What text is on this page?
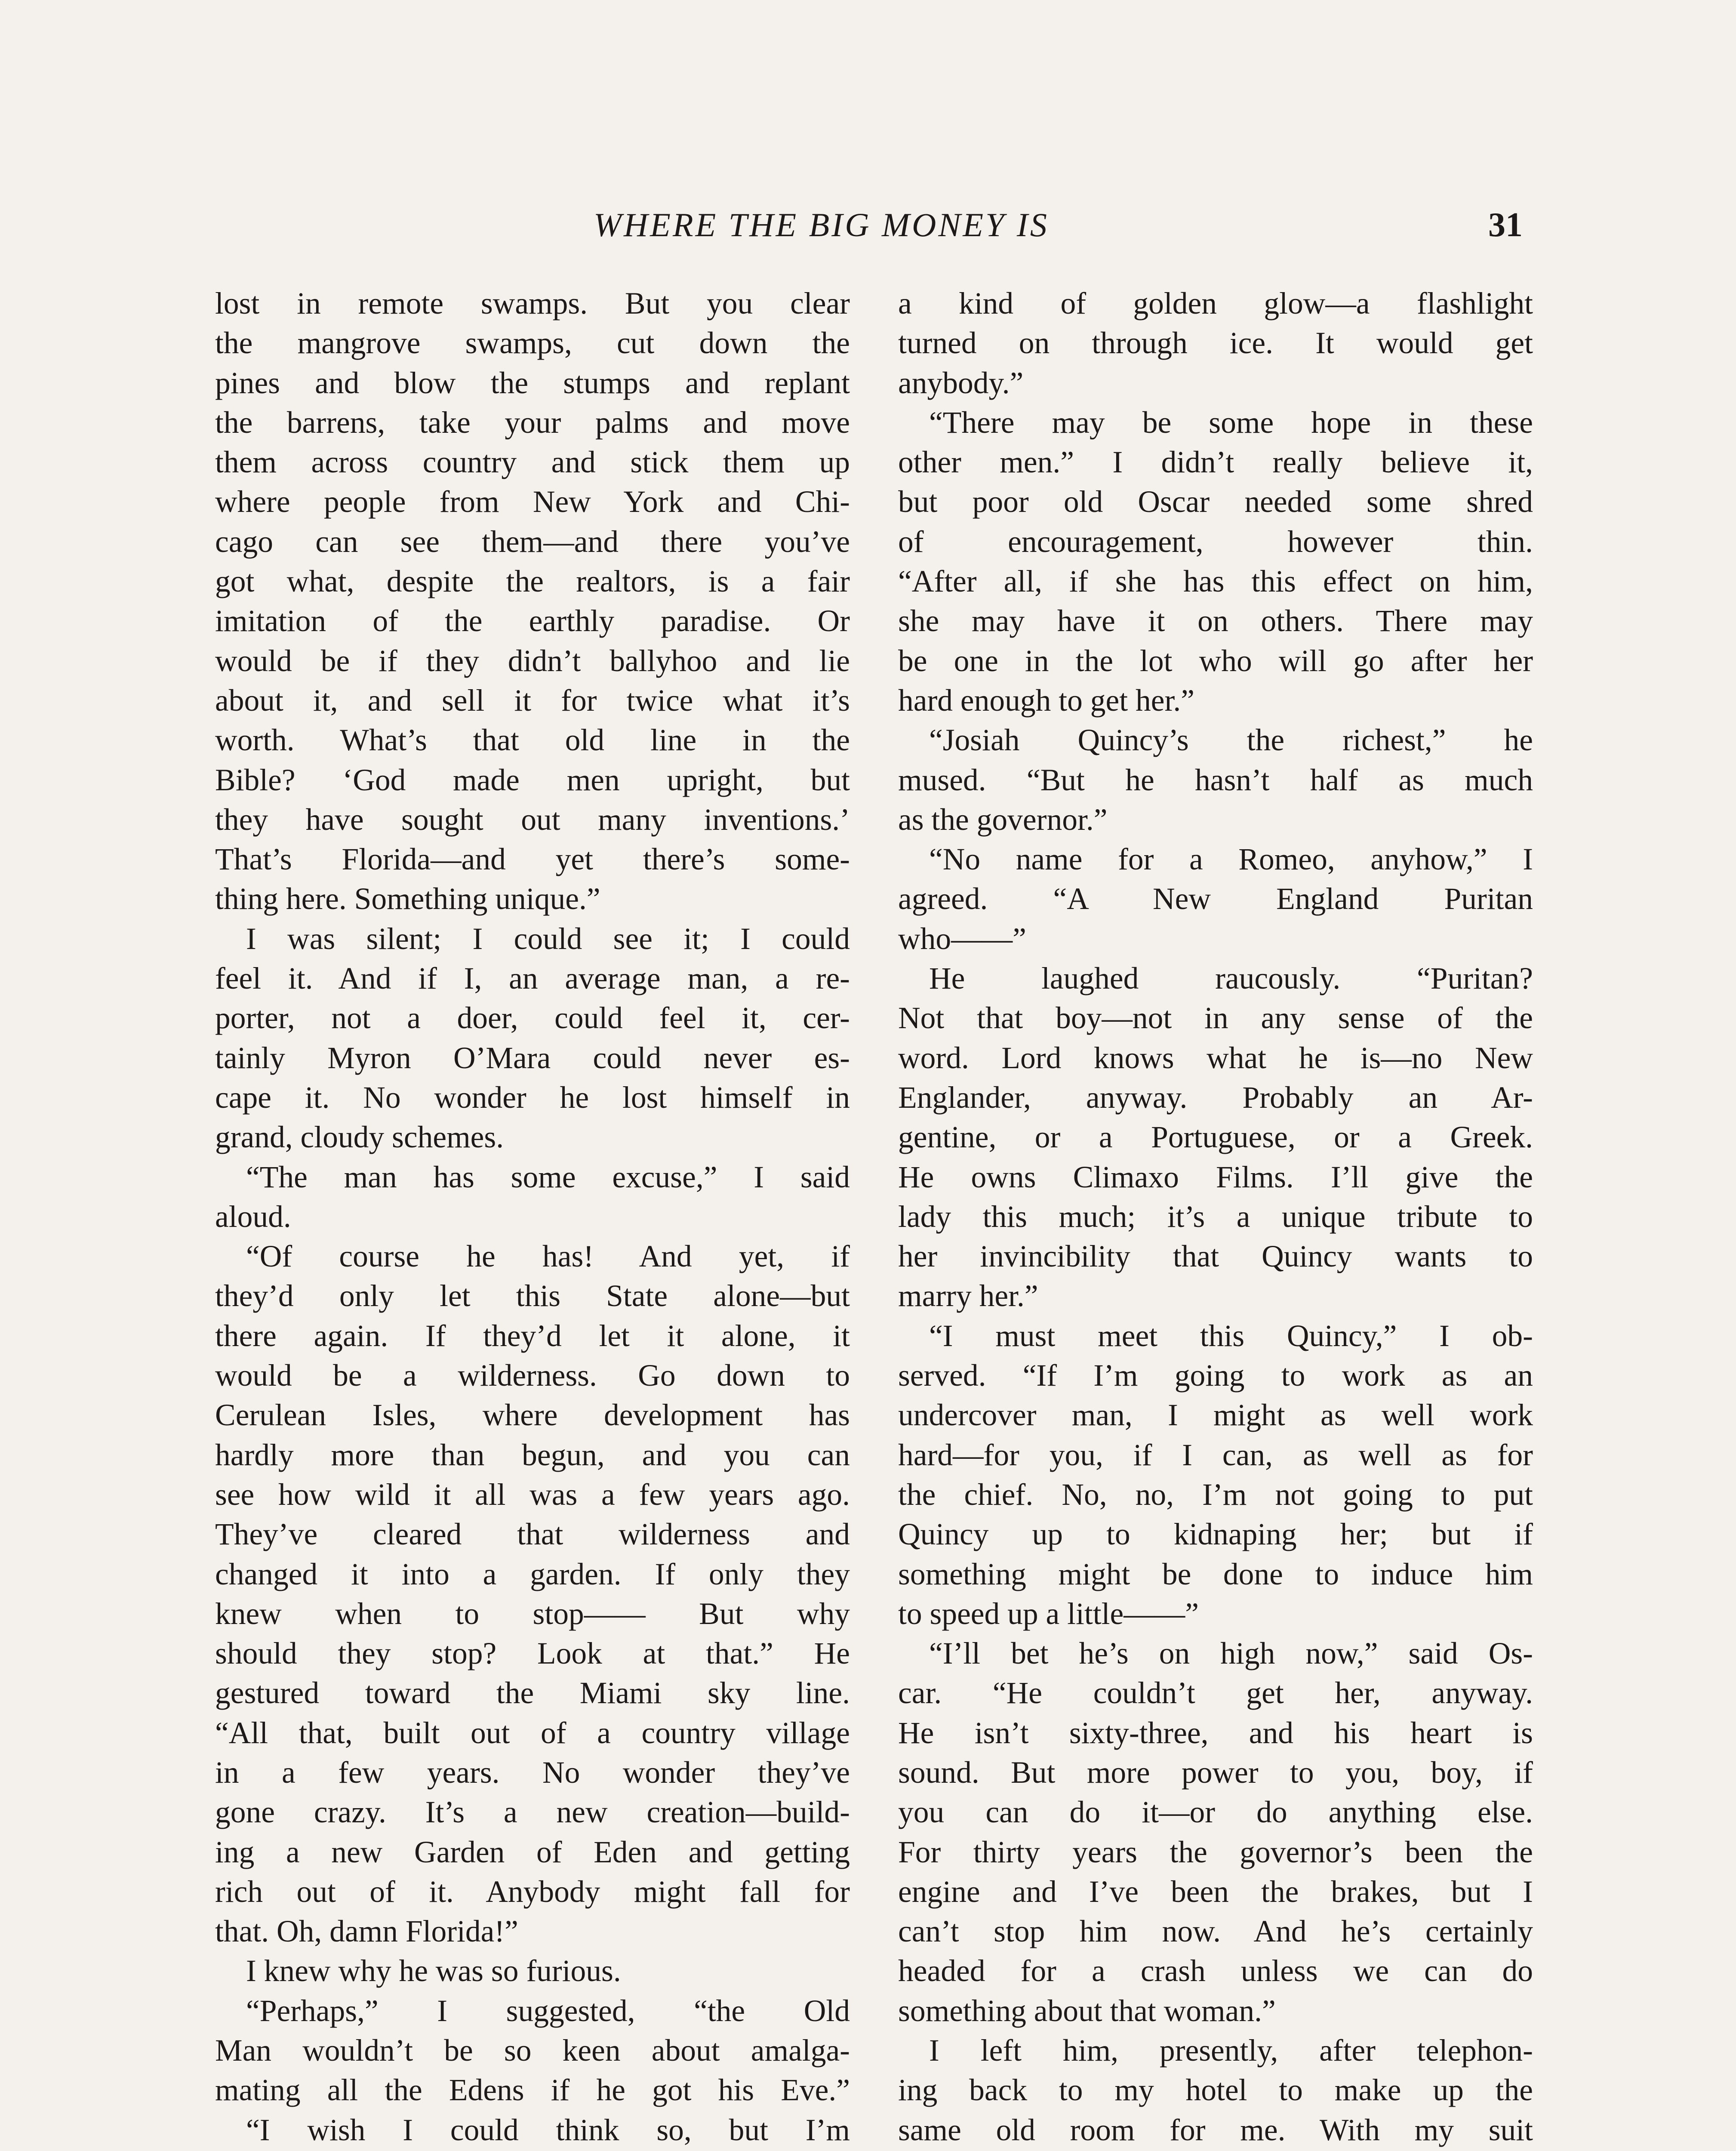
WHERE THE BIG MONEY IS	31
lost in remote swamps. But you clear
the mangrove swamps, cut down the
pines and blow the stumps and replant
the barrens, take your palms and move
them across country and stick them up
where people from New York and Chi-
cago can see them—and there you’ve
got what, despite the realtors, is a fair
imitation of the earthly paradise. Or
would be if they didn’t ballyhoo and lie
about it, and sell it for twice what it’s
worth. What’s that old line in the
Bible? ‘God made men upright, but
they have sought out many inventions.’
That’s Florida—and yet there’s some-
thing here. Something unique.”
I was silent; I could see it; I could
feel it. And if I, an average man, a re-
porter, not a doer, could feel it, cer-
tainly Myron O’Mara could never es-
cape it. No wonder he lost himself in
grand, cloudy schemes.
“The man has some excuse,” I said
aloud.
“Of course he has! And yet, if
they’d only let this State alone—but
there again. If they’d let it alone, it
would be a wilderness. Go down to
Cerulean Isles, where development has
hardly more than begun, and you can
see how wild it all was a few years ago.
They’ve cleared that wilderness and
changed it into a garden. If only they
knew when to stop—— But why
should they stop? Look at that.” He
gestured toward the Miami sky line.
“All that, built out of a country village
in a few years. No wonder they’ve
gone crazy. It’s a new creation—build-
ing a new Garden of Eden and getting
rich out of it. Anybody might fall for
that. Oh, damn Florida!”
I knew why he was so furious.
“Perhaps,” I suggested, “the Old
Man wouldn’t be so keen about amalga-
mating all the Edens if he got his Eve.”
“I wish I could think so, but I’m
a kind of golden glow—a flashlight
turned on through ice. It would get
anybody.”
“There may be some hope in these
other men.” I didn’t really believe it,
but poor old Oscar needed some shred
of encouragement, however thin.
“After all, if she has this effect on him,
she may have it on others. There may
be one in the lot who will go after her
hard enough to get her.”
“Josiah Quincy’s the richest,” he
mused. “But he hasn’t half as much
as the governor.”
“No name for a Romeo, anyhow,” I
agreed. “A New England Puritan
who——”
He laughed raucously. “Puritan?
Not that boy—not in any sense of the
word. Lord knows what he is—no New
Englander, anyway. Probably an Ar-
gentine, or a Portuguese, or a Greek.
He owns Climaxo Films. I’ll give the
lady this much; it’s a unique tribute to
her invincibility that Quincy wants to
marry her.”
“I must meet this Quincy,” I ob-
served. “If I’m going to work as an
undercover man, I might as well work
hard—for you, if I can, as well as for
the chief. No, no, I’m not going to put
Quincy up to kidnaping her; but if
something might be done to induce him
to speed up a little——”
“I’ll bet he’s on high now,” said Os-
car. “He couldn’t get her, anyway.
He isn’t sixty-three, and his heart is
sound. But more power to you, boy, if
you can do it—or do anything else.
For thirty years the governor’s been the
engine and I’ve been the brakes, but I
can’t stop him now. And he’s certainly
headed for a crash unless we can do
something about that woman.”
I left him, presently, after telephon-
ing back to my hotel to make up the
same old room for me. With my suit
